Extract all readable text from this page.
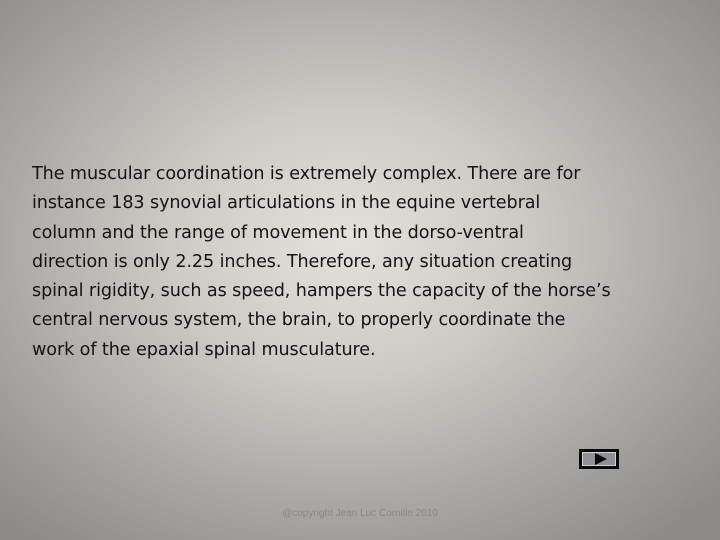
The muscular coordination is extremely complex. There are for
instance 183 synovial articulations in the equine vertebral
column and the range of movement in the dorso-ventral
direction is only 2.25 inches. Therefore, any situation creating
spinal rigidity, such as speed, hampers the capacity of the horse’s
central nervous system, the brain, to properly coordinate the
work of the epaxial spinal musculature.

@copyright Jean Luc Cornille 2010	13
